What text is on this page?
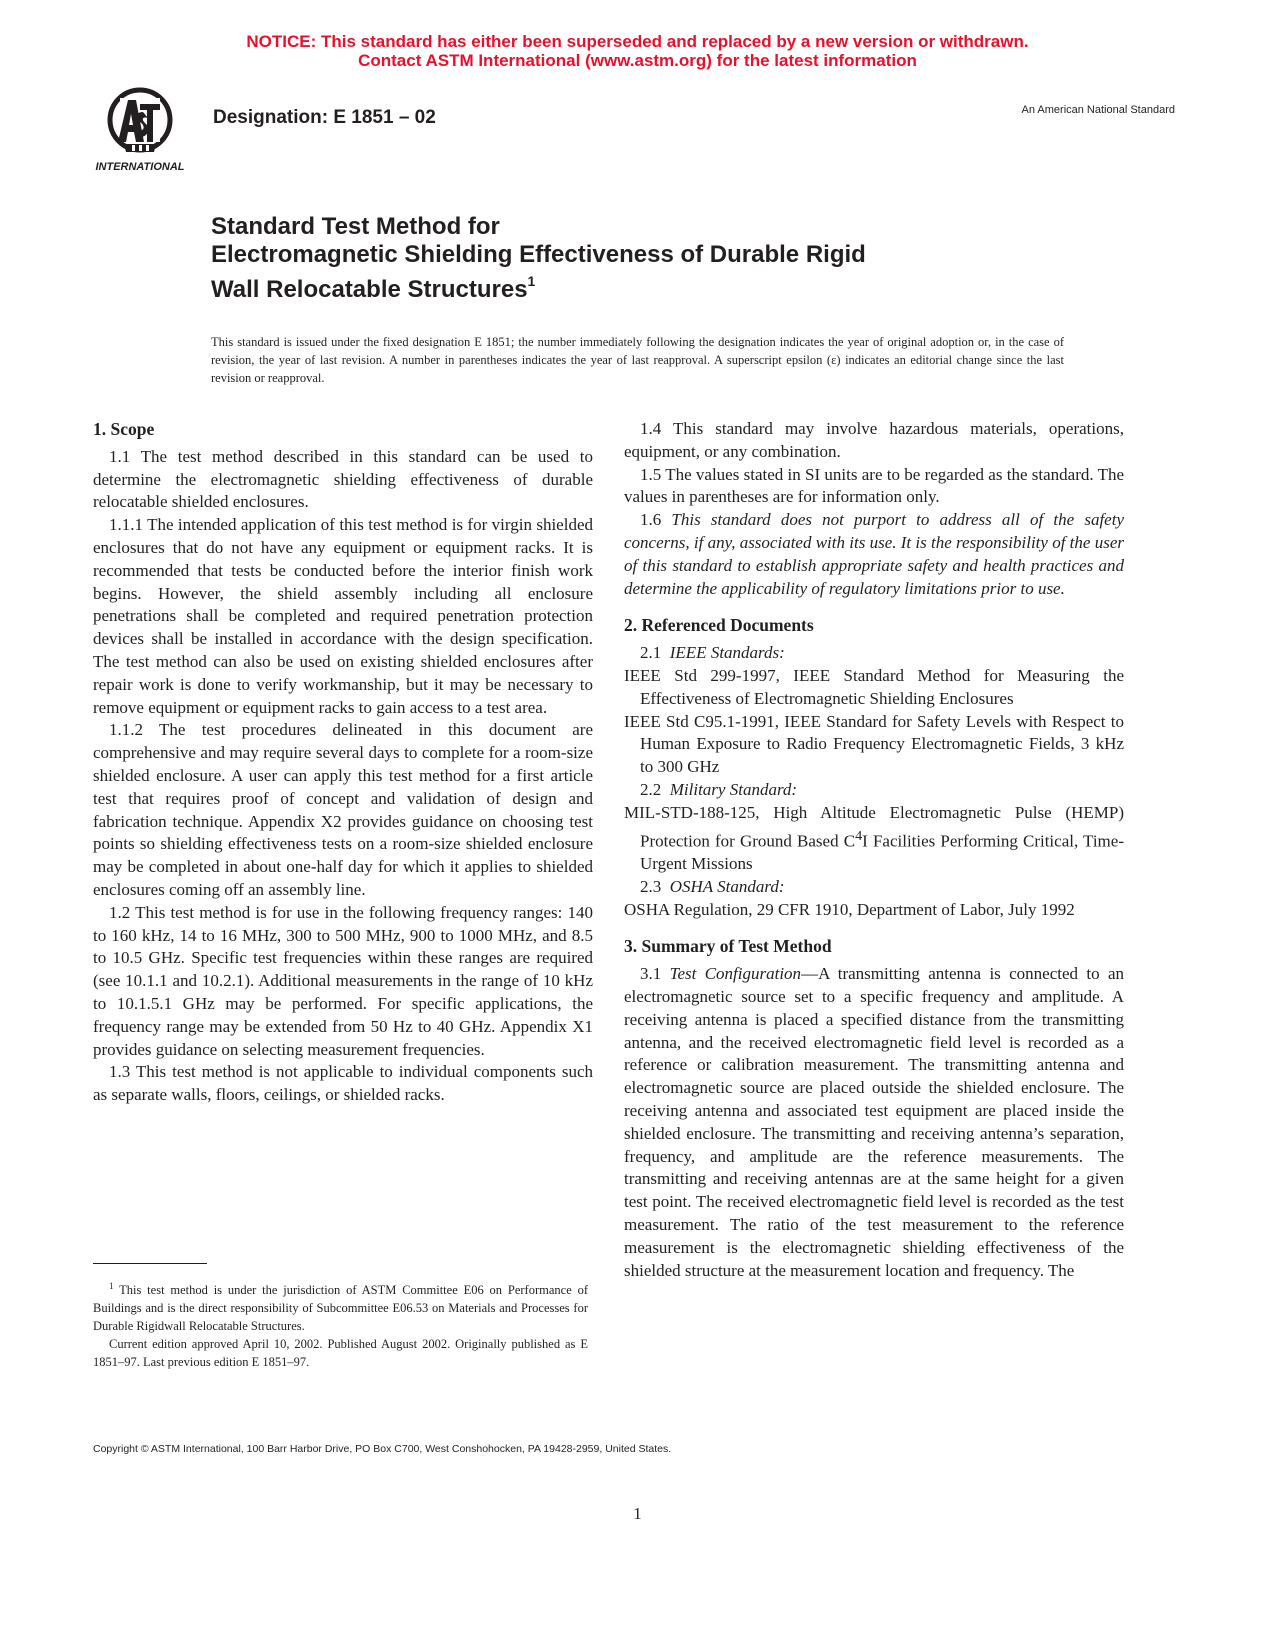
NOTICE: This standard has either been superseded and replaced by a new version or withdrawn.
Contact ASTM International (www.astm.org) for the latest information
INTERNATIONAL
Designation: E 1851 – 02	An American National Standard
Standard Test Method for
Electromagnetic Shielding Effectiveness of Durable Rigid
Wall Relocatable Structures$^1$
This standard is issued under the fixed designation E 1851; the number immediately following the designation indicates the year of original adoption or, in the case of revision, the year of last revision. A number in parentheses indicates the year of last reapproval. A superscript epsilon (ε) indicates an editorial change since the last revision or reapproval.
1. Scope

1.1 The test method described in this standard can be used to determine the electromagnetic shielding effectiveness of durable relocatable shielded enclosures.

1.1.1 The intended application of this test method is for virgin shielded enclosures that do not have any equipment or equipment racks. It is recommended that tests be conducted before the interior finish work begins. However, the shield assembly including all enclosure penetrations shall be completed and required penetration protection devices shall be installed in accordance with the design specification. The test method can also be used on existing shielded enclosures after repair work is done to verify workmanship, but it may be necessary to remove equipment or equipment racks to gain access to a test area.

1.1.2 The test procedures delineated in this document are comprehensive and may require several days to complete for a room-size shielded enclosure. A user can apply this test method for a first article test that requires proof of concept and validation of design and fabrication technique. Appendix X2 provides guidance on choosing test points so shielding effectiveness tests on a room-size shielded enclosure may be completed in about one-half day for which it applies to shielded enclosures coming off an assembly line.

1.2 This test method is for use in the following frequency ranges: 140 to 160 kHz, 14 to 16 MHz, 300 to 500 MHz, 900 to 1000 MHz, and 8.5 to 10.5 GHz. Specific test frequencies within these ranges are required (see 10.1.1 and 10.2.1). Additional measurements in the range of 10 kHz to 10.1.5.1 GHz may be performed. For specific applications, the frequency range may be extended from 50 Hz to 40 GHz. Appendix X1 provides guidance on selecting measurement frequencies.

1.3 This test method is not applicable to individual components such as separate walls, floors, ceilings, or shielded racks.

1.4 This standard may involve hazardous materials, operations, equipment, or any combination.

1.5 The values stated in SI units are to be regarded as the standard. The values in parentheses are for information only.

1.6 This standard does not purport to address all of the safety concerns, if any, associated with its use. It is the responsibility of the user of this standard to establish appropriate safety and health practices and determine the applicability of regulatory limitations prior to use.

2. Referenced Documents

2.1 IEEE Standards:

IEEE Std 299-1997, IEEE Standard Method for Measuring the Effectiveness of Electromagnetic Shielding Enclosures

IEEE Std C95.1-1991, IEEE Standard for Safety Levels with Respect to Human Exposure to Radio Frequency Electromagnetic Fields, 3 kHz to 300 GHz

2.2 Military Standard:

MIL-STD-188-125, High Altitude Electromagnetic Pulse (HEMP) Protection for Ground Based $C^4I$ Facilities Performing Critical, Time-Urgent Missions

2.3 OSHA Standard:

OSHA Regulation, 29 CFR 1910, Department of Labor, July 1992

3. Summary of Test Method

3.1 Test Configuration—A transmitting antenna is connected to an electromagnetic source set to a specific frequency and amplitude. A receiving antenna is placed a specified distance from the transmitting antenna, and the received electromagnetic field level is recorded as a reference or calibration measurement. The transmitting antenna and electromagnetic source are placed outside the shielded enclosure. The receiving antenna and associated test equipment are placed inside the shielded enclosure. The transmitting and receiving antenna’s separation, frequency, and amplitude are the reference measurements. The transmitting and receiving antennas are at the same height for a given test point. The received electromagnetic field level is recorded as the test measurement. The ratio of the test measurement to the reference measurement is the electromagnetic shielding effectiveness of the shielded structure at the measurement location and frequency. The

$^1$ This test method is under the jurisdiction of ASTM Committee E06 on Performance of Buildings and is the direct responsibility of Subcommittee E06.53 on Materials and Processes for Durable Rigidwall Relocatable Structures.

Current edition approved April 10, 2002. Published August 2002. Originally published as E 1851–97. Last previous edition E 1851–97.

Copyright © ASTM International, 100 Barr Harbor Drive, PO Box C700, West Conshohocken, PA 19428-2959, United States.
1
